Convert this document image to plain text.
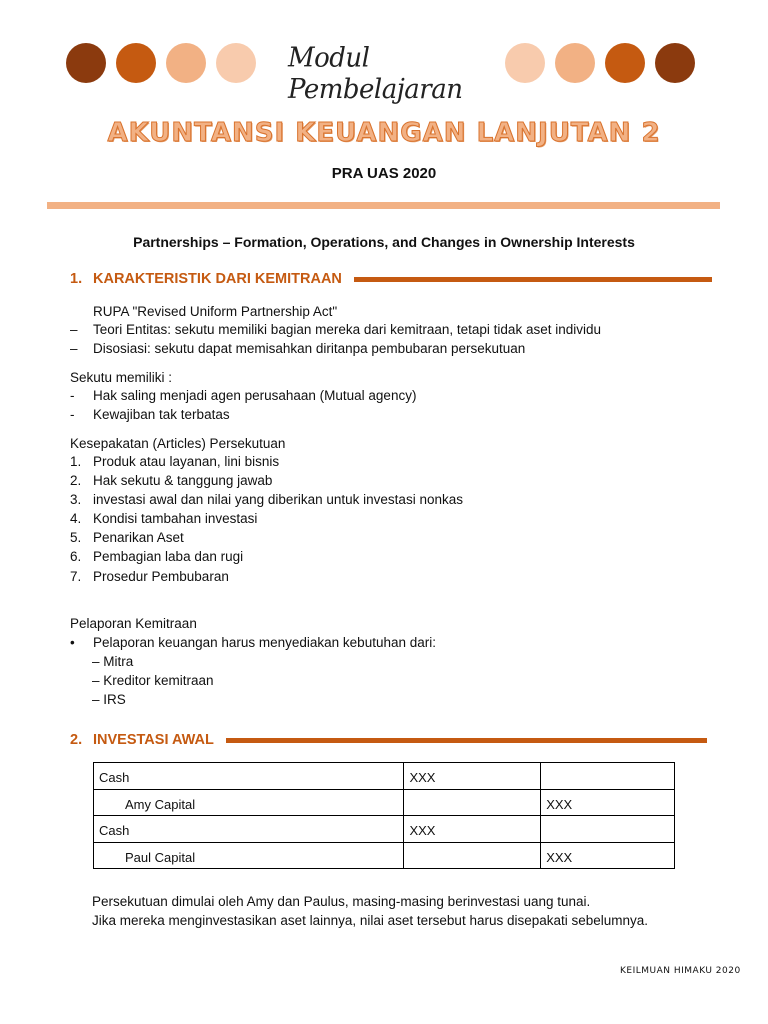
Modul Pembelajaran
AKUNTANSI KEUANGAN LANJUTAN 2
PRA UAS 2020
Partnerships – Formation, Operations, and Changes in Ownership Interests
1. KARAKTERISTIK DARI KEMITRAAN
RUPA "Revised Uniform Partnership Act"
– Teori Entitas: sekutu memiliki bagian mereka dari kemitraan, tetapi tidak aset individu
– Disosiasi: sekutu dapat memisahkan diritanpa pembubaran persekutuan
Sekutu memiliki :
- Hak saling menjadi agen perusahaan (Mutual agency)
- Kewajiban tak terbatas
Kesepakatan (Articles) Persekutuan
1. Produk atau layanan, lini bisnis
2. Hak sekutu & tanggung jawab
3. investasi awal dan nilai yang diberikan untuk investasi nonkas
4. Kondisi tambahan investasi
5. Penarikan Aset
6. Pembagian laba dan rugi
7. Prosedur Pembubaran
Pelaporan Kemitraan
• Pelaporan keuangan harus menyediakan kebutuhan dari:
– Mitra
– Kreditor kemitraan
– IRS
2. INVESTASI AWAL
Cash	XXX	
Amy Capital		XXX
Cash	XXX	
Paul Capital		XXX
Persekutuan dimulai oleh Amy dan Paulus, masing-masing berinvestasi uang tunai.
Jika mereka menginvestasikan aset lainnya, nilai aset tersebut harus disepakati sebelumnya.
KEILMUAN HIMAKU 2020
